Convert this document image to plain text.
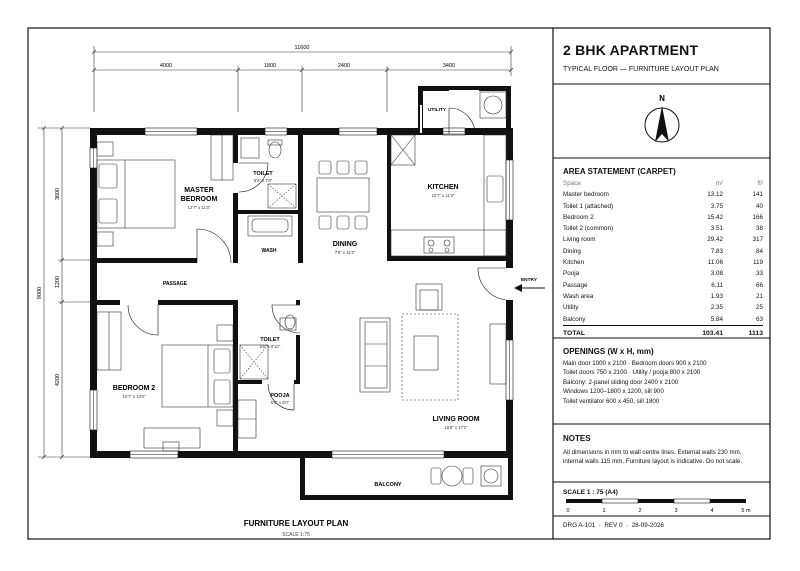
11600
4000	1800	2400	3400
9000
3600
1200
4200
MASTER
BEDROOM
TOILET
WASH
DINING
KITCHEN
UTILITY
PASSAGE
ENTRY
BEDROOM 2
TOILET
POOJA
LIVING ROOM
BALCONY
12'7" x 11'3"
5'6" x 7'6"
7'6" x 11'3"
10'7" x 11'3"
12'7" x 13'0"
5'6" x 6'10"
5'6" x 6'0"
16'8" x 17'2"
FURNITURE LAYOUT PLAN
SCALE 1:75
N
0	1	2	3	4	5 m
2 BHK APARTMENT
TYPICAL FLOOR — FURNITURE LAYOUT PLAN
AREA STATEMENT (CARPET)
Space	m²	ft²
Master bedroom	13.12	141
Toilet 1 (attached)	3.75	40
Bedroom 2	15.42	166
Toilet 2 (common)	3.51	38
Living room	29.42	317
Dining	7.83	84
Kitchen	11.06	119
Pooja	3.08	33
Passage	6.11	66
Wash area	1.93	21
Utility	2.35	25
Balcony	5.84	63
TOTAL	103.41	1113
OPENINGS (W x H, mm)
Main door 1000 x 2100 · Bedroom doors 900 x 2100
Toilet doors 750 x 2100 · Utility / pooja 800 x 2100
Balcony: 2-panel sliding door 2400 x 2100
Windows 1200–1800 x 1200, sill 900
Toilet ventilator 600 x 450, sill 1800
NOTES
All dimensions in mm to wall centre lines. External walls 230 mm, internal walls 115 mm. Furniture layout is indicative. Do not scale.
SCALE 1 : 75 (A4)
DRG A-101  ·  REV 0  ·  28-09-2026
